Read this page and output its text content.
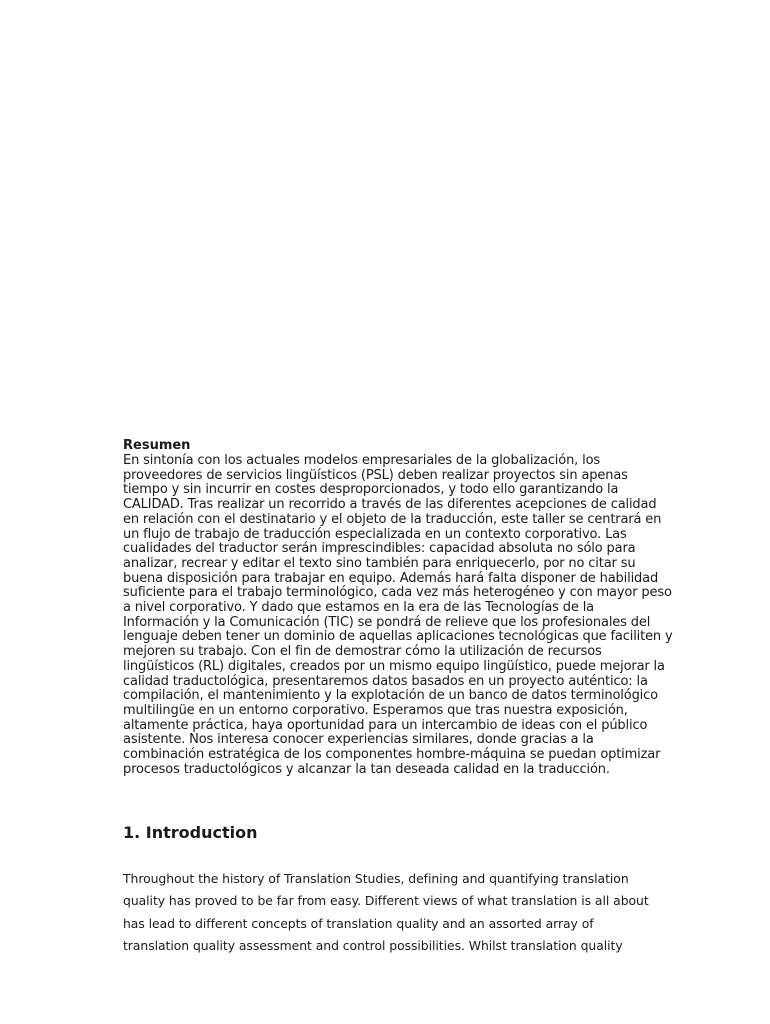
Resumen

En sintonía con los actuales modelos empresariales de la globalización, los
proveedores de servicios lingüísticos (PSL) deben realizar proyectos sin apenas
tiempo y sin incurrir en costes desproporcionados, y todo ello garantizando la
CALIDAD. Tras realizar un recorrido a través de las diferentes acepciones de calidad
en relación con el destinatario y el objeto de la traducción, este taller se centrará en
un flujo de trabajo de traducción especializada en un contexto corporativo. Las
cualidades del traductor serán imprescindibles: capacidad absoluta no sólo para
analizar, recrear y editar el texto sino también para enriquecerlo, por no citar su
buena disposición para trabajar en equipo. Además hará falta disponer de habilidad
suficiente para el trabajo terminológico, cada vez más heterogéneo y con mayor peso
a nivel corporativo. Y dado que estamos en la era de las Tecnologías de la
Información y la Comunicación (TIC) se pondrá de relieve que los profesionales del
lenguaje deben tener un dominio de aquellas aplicaciones tecnológicas que faciliten y
mejoren su trabajo. Con el fin de demostrar cómo la utilización de recursos
lingüísticos (RL) digitales, creados por un mismo equipo lingüístico, puede mejorar la
calidad traductológica, presentaremos datos basados en un proyecto auténtico: la
compilación, el mantenimiento y la explotación de un banco de datos terminológico
multilingüe en un entorno corporativo. Esperamos que tras nuestra exposición,
altamente práctica, haya oportunidad para un intercambio de ideas con el público
asistente. Nos interesa conocer experiencias similares, donde gracias a la
combinación estratégica de los componentes hombre-máquina se puedan optimizar
procesos traductológicos y alcanzar la tan deseada calidad en la traducción.

1. Introduction
Throughout the history of Translation Studies, defining and quantifying translation
quality has proved to be far from easy. Different views of what translation is all about
has lead to different concepts of translation quality and an assorted array of
translation quality assessment and control possibilities. Whilst translation quality
